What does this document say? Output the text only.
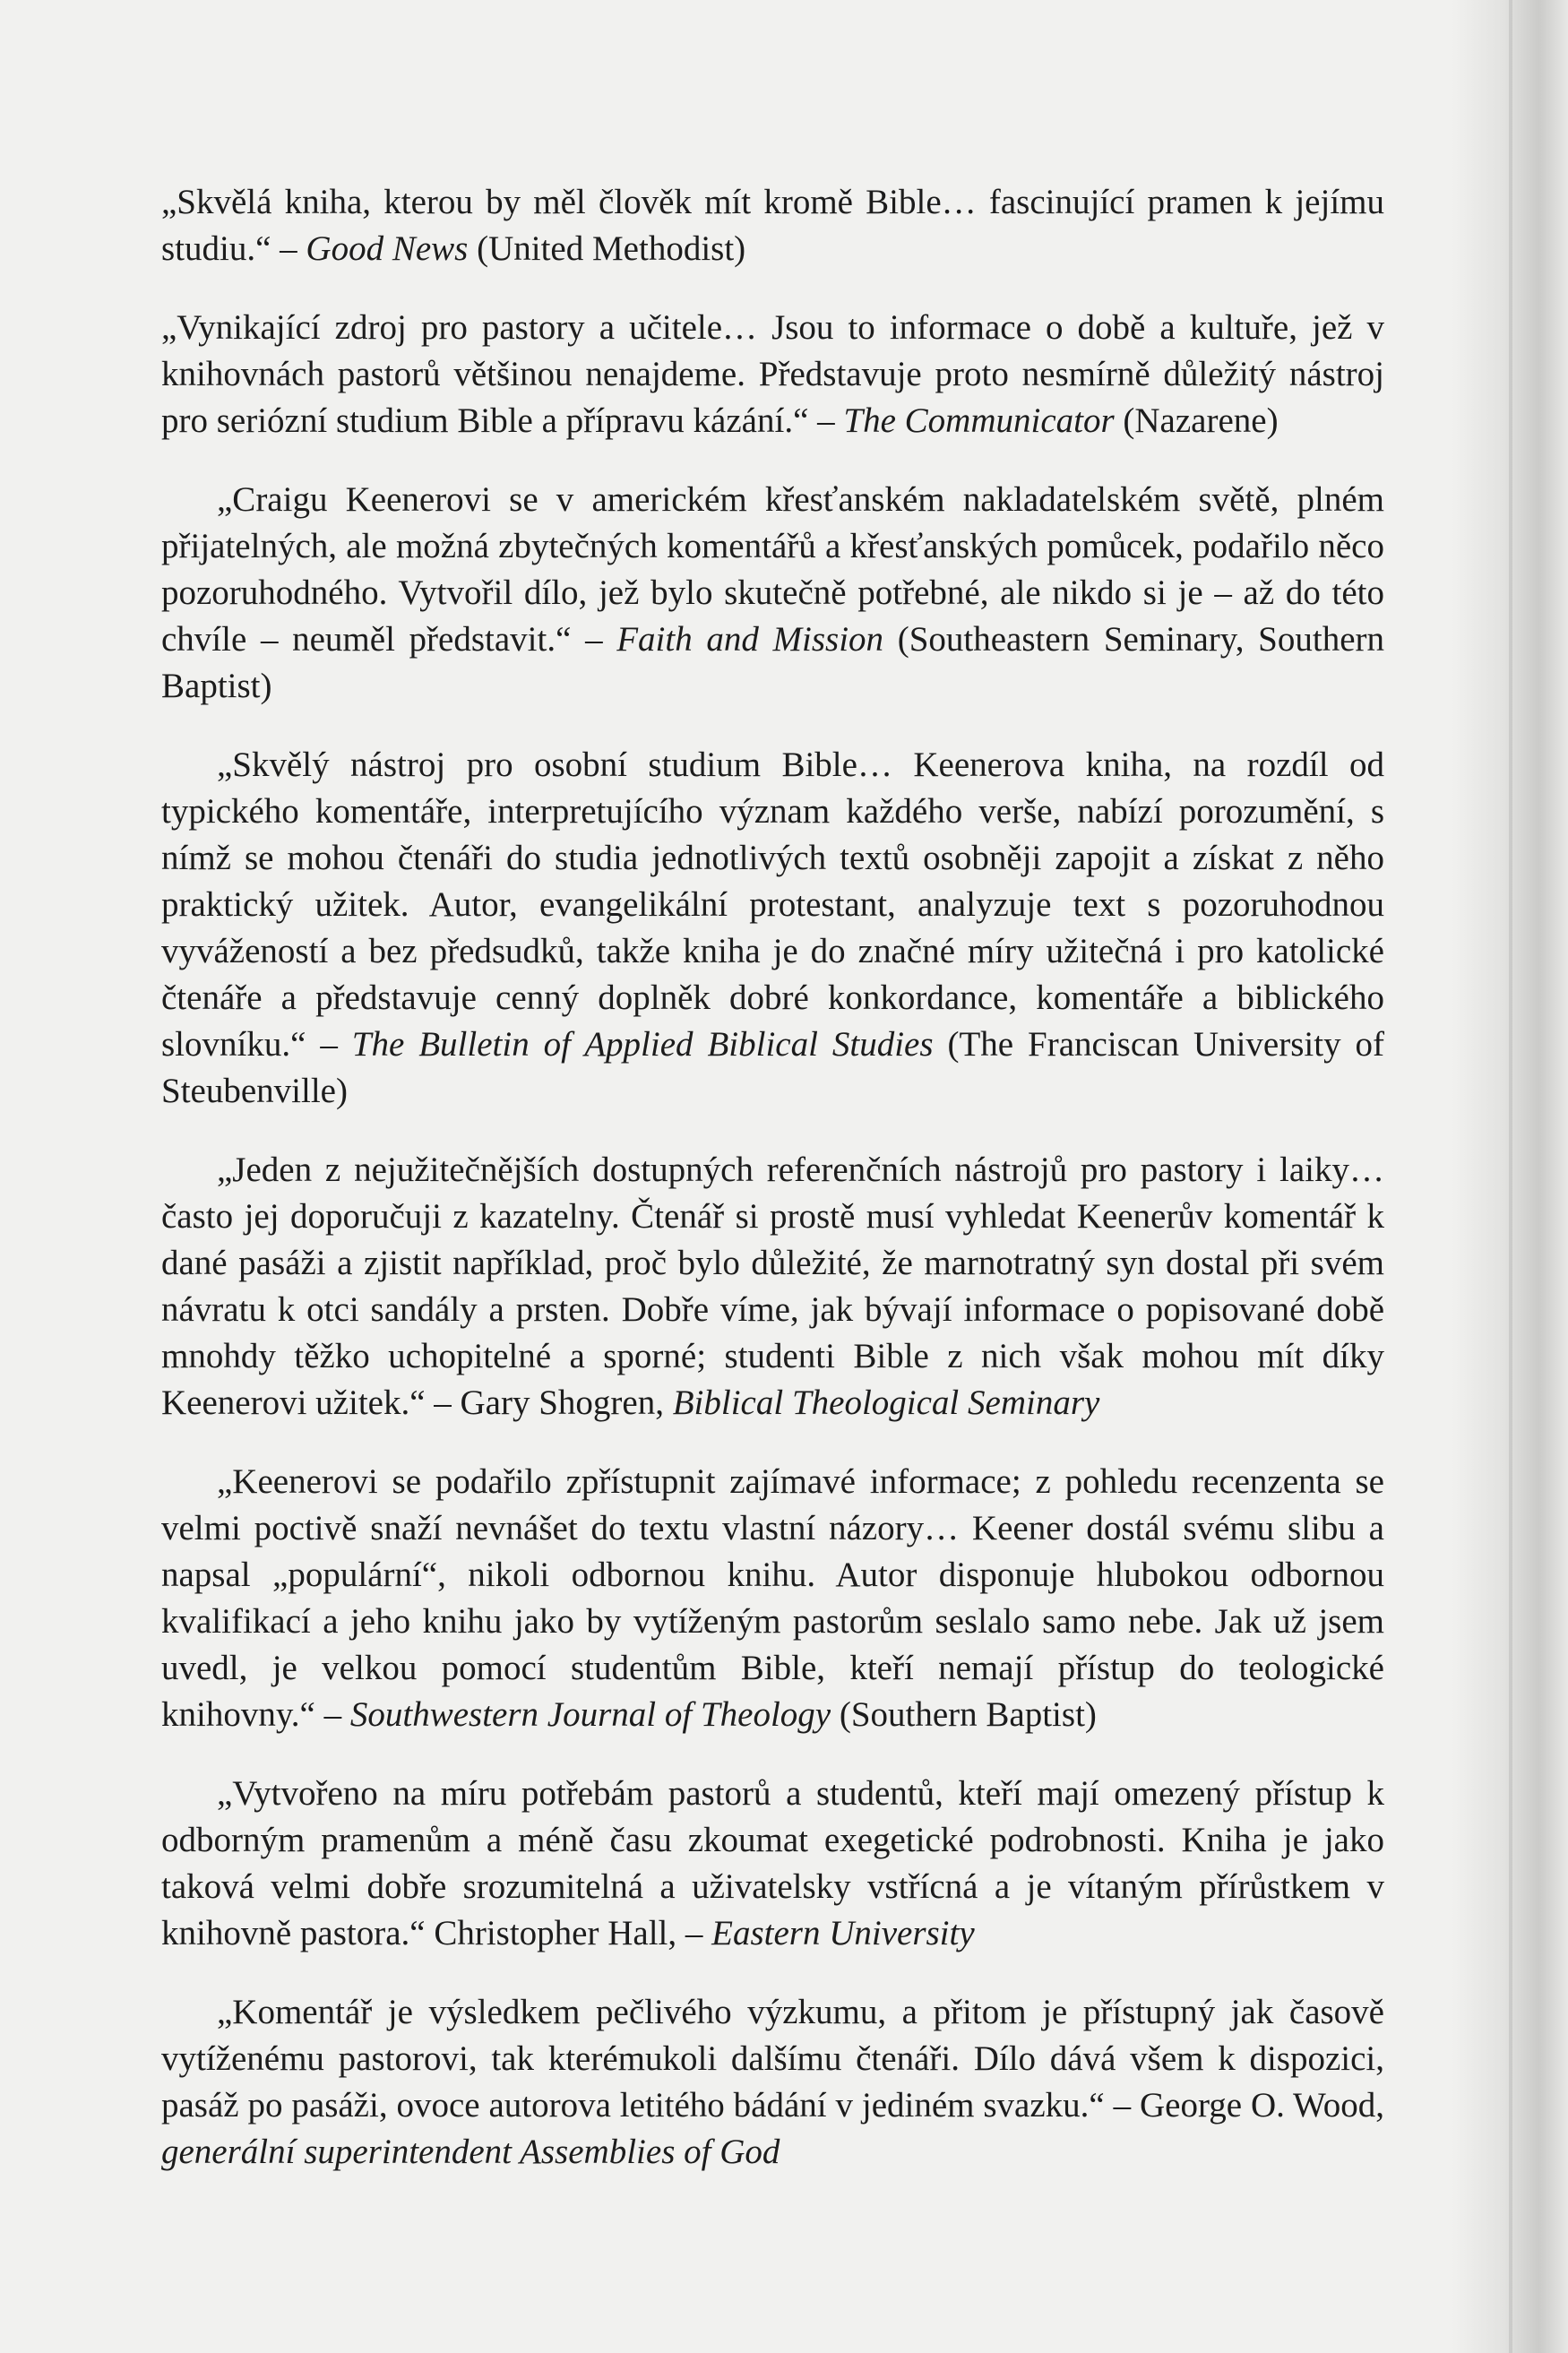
„Skvělá kniha, kterou by měl člověk mít kromě Bible… fascinující pramen k jejímu studiu.“ – Good News (United Methodist)

„Vynikající zdroj pro pastory a učitele… Jsou to informace o době a kultuře, jež v knihovnách pastorů většinou nenajdeme. Představuje proto nesmírně důležitý nástroj pro seriózní studium Bible a přípravu kázání.“ – The Communicator (Nazarene)

„Craigu Keenerovi se v americkém křesťanském nakladatelském světě, plném přijatelných, ale možná zbytečných komentářů a křesťanských pomůcek, podařilo něco pozoruhodného. Vytvořil dílo, jež bylo skutečně potřebné, ale nikdo si je – až do této chvíle – neuměl představit.“ – Faith and Mission (Southeastern Seminary, Southern Baptist)

„Skvělý nástroj pro osobní studium Bible… Keenerova kniha, na rozdíl od typického komentáře, interpretujícího význam každého verše, nabízí porozumění, s nímž se mohou čtenáři do studia jednotlivých textů osobněji zapojit a získat z něho praktický užitek. Autor, evangelikální protestant, analyzuje text s pozoruhodnou vyvážeností a bez předsudků, takže kniha je do značné míry užitečná i pro katolické čtenáře a představuje cenný doplněk dobré konkordance, komentáře a biblického slovníku.“ – The Bulletin of Applied Biblical Studies (The Franciscan University of Steubenville)

„Jeden z nejužitečnějších dostupných referenčních nástrojů pro pastory i laiky… často jej doporučuji z kazatelny. Čtenář si prostě musí vyhledat Keenerův komentář k dané pasáži a zjistit například, proč bylo důležité, že marnotratný syn dostal při svém návratu k otci sandály a prsten. Dobře víme, jak bývají informace o popisované době mnohdy těžko uchopitelné a sporné; studenti Bible z nich však mohou mít díky Keenerovi užitek.“ – Gary Shogren, Biblical Theological Seminary

„Keenerovi se podařilo zpřístupnit zajímavé informace; z pohledu recenzenta se velmi poctivě snaží nevnášet do textu vlastní názory… Keener dostál svému slibu a napsal „populární“, nikoli odbornou knihu. Autor disponuje hlubokou odbornou kvalifikací a jeho knihu jako by vytíženým pastorům seslalo samo nebe. Jak už jsem uvedl, je velkou pomocí studentům Bible, kteří nemají přístup do teologické knihovny.“ – Southwestern Journal of Theology (Southern Baptist)

„Vytvořeno na míru potřebám pastorů a studentů, kteří mají omezený přístup k odborným pramenům a méně času zkoumat exegetické podrobnosti. Kniha je jako taková velmi dobře srozumitelná a uživatelsky vstřícná a je vítaným přírůstkem v knihovně pastora.“ Christopher Hall, – Eastern University

„Komentář je výsledkem pečlivého výzkumu, a přitom je přístupný jak časově vytíženému pastorovi, tak kterémukoli dalšímu čtenáři. Dílo dává všem k dispozici, pasáž po pasáži, ovoce autorova letitého bádání v jediném svazku.“ – George O. Wood, generální superintendent Assemblies of God
